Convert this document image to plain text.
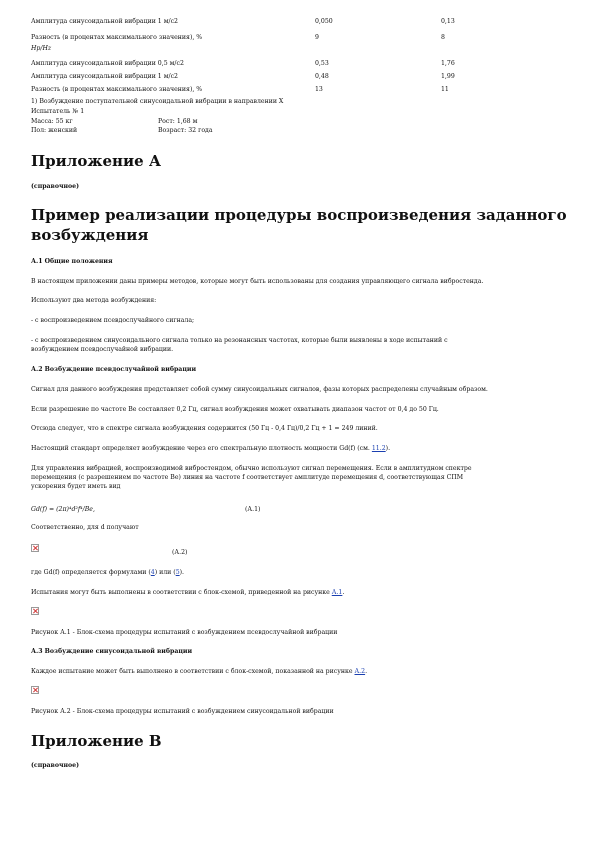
Амплитуда синусоидальной вибрации 1 м/с2	0,050	0,13
Разность (в процентах максимального значения), %	9	8
Нр/Нz
Амплитуда синусоидальной вибрации 0,5 м/с2	0,53	1,76
Амплитуда синусоидальной вибрации 1 м/с2	0,48	1,99
Разность (в процентах максимального значения), %	13	11
1) Возбуждение поступательной синусоидальной вибрации в направлении X
Испытатель № 1
Масса: 55 кг	Рост: 1,68 м
Пол: женский	Возраст: 32 года
Приложение А
(справочное)
Пример реализации процедуры воспроизведения заданного возбуждения
А.1 Общие положения
В настоящем приложении даны примеры методов, которые могут быть использованы для создания управляющего сигнала вибростенда.
Используют два метода возбуждения:
- с воспроизведением псевдослучайного сигнала;
- с воспроизведением синусоидального сигнала только на резонансных частотах, которые были выявлены в ходе испытаний с
возбуждением псевдослучайной вибрации.
А.2 Возбуждение псевдослучайной вибрации
Сигнал для данного возбуждения представляет собой сумму синусоидальных сигналов, фазы которых распределены случайным образом.
Если разрешение по частоте Bе составляет 0,2 Гц, сигнал возбуждения может охватывать диапазон частот от 0,4 до 50 Гц.
Отсюда следует, что в спектре сигнала возбуждения содержится (50 Гц - 0,4 Гц)/0,2 Гц + 1 = 249 линий.
Настоящий стандарт определяет возбуждение через его спектральную плотность мощности Gd(f) (см. 11.2).
Для управления вибрацией, воспроизводимой вибростендом, обычно используют сигнал перемещения. Если в амплитудном спектре
перемещения (с разрешением по частоте Bе) линия на частоте f соответствует амплитуде перемещения d, соответствующая СПМ
ускорения будет иметь вид
Gd(f) = (2π)⁴d²f⁴/Bе,	(А.1)
Соответственно, для d получают
(А.2)
где Gd(f) определяется формулами (4) или (5).
Испытания могут быть выполнены в соответствии с блок-схемой, приведенной на рисунке А.1.
Рисунок А.1 - Блок-схема процедуры испытаний с возбуждением псевдослучайной вибрации
А.3 Возбуждение синусоидальной вибрации
Каждое испытание может быть выполнено в соответствии с блок-схемой, показанной на рисунке А.2.
Рисунок А.2 - Блок-схема процедуры испытаний с возбуждением синусоидальной вибрации
Приложение В
(справочное)
